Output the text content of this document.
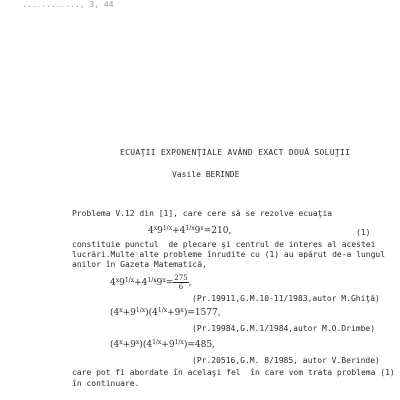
............, 3, 44
ECUAŢII EXPONENŢIALE AVÂND EXACT DOUĂ SOLUŢII
Vasile BERINDE
Problema V.12 din [1], care cere să se rezolve ecuaţia
$4^x9^{1/x}+4^{1/x}9^x=210$,	(1)
constituie punctul  de plecare şi centrul de interes al acestei
lucrări.Multe alte probleme înrudite cu (1) au apărut de-a lungul
anilor în Gazeta Matematică,
$4^x9^{1/x}+4^{1/x}9^x= \frac{275}{6}$ ,
(Pr.19911,G.M.10-11/1983,autor M.Ghiţă)
$(4^x+9^{1/x})(4^{1/x}+9^x)=1577$,
(Pr.19984,G.M.1/1984,autor M.O.Drimbe)
$(4^x+9^x)(4^{1/x}+9^{1/x})=485$,
(Pr.20516,G.M. 8/1985, autor V.Berinde)
care pot fi abordate în acelaşi fel  în care vom trata problema (1)
în continuare.
